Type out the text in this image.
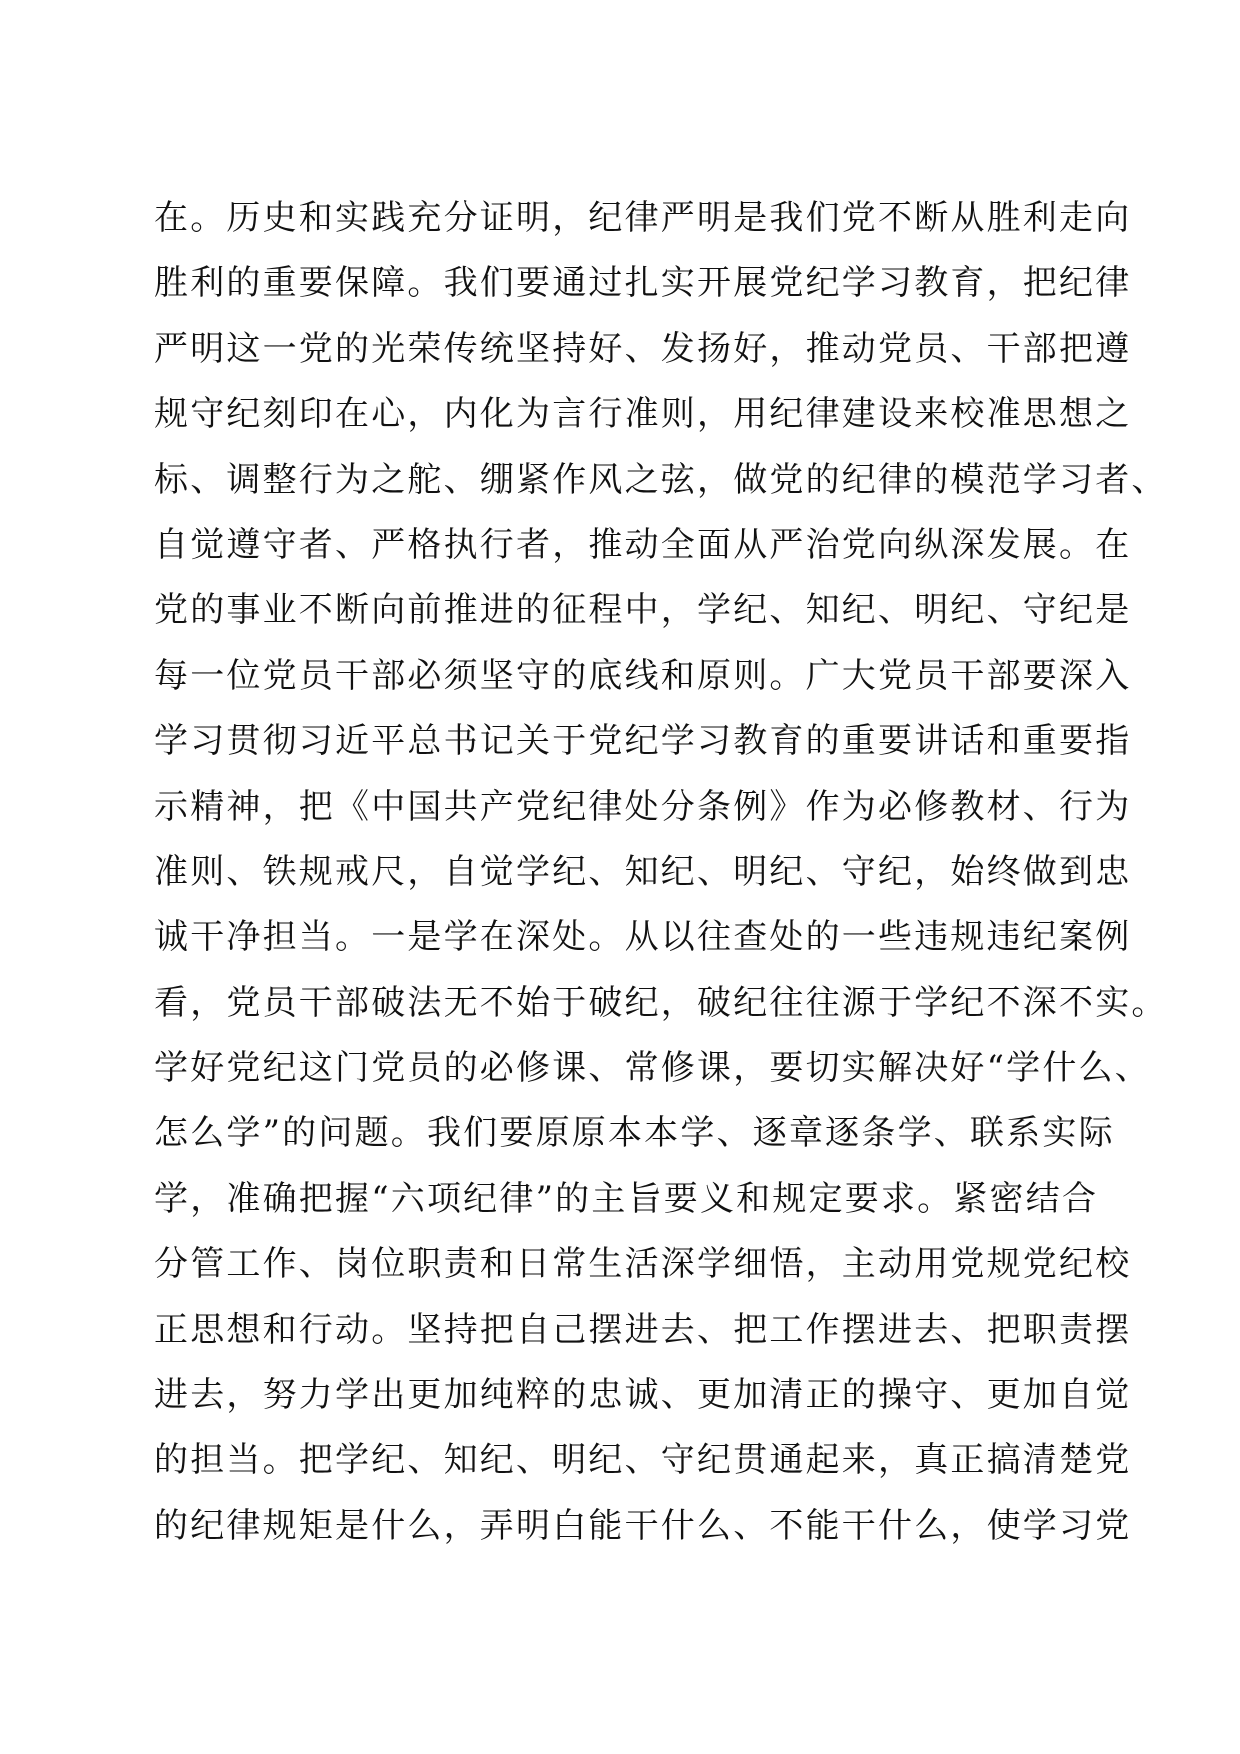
在。历史和实践充分证明，纪律严明是我们党不断从胜利走向
胜利的重要保障。我们要通过扎实开展党纪学习教育，把纪律
严明这一党的光荣传统坚持好、发扬好，推动党员、干部把遵
规守纪刻印在心，内化为言行准则，用纪律建设来校准思想之
标、调整行为之舵、绷紧作风之弦，做党的纪律的模范学习者、
自觉遵守者、严格执行者，推动全面从严治党向纵深发展。在
党的事业不断向前推进的征程中，学纪、知纪、明纪、守纪是
每一位党员干部必须坚守的底线和原则。广大党员干部要深入
学习贯彻习近平总书记关于党纪学习教育的重要讲话和重要指
示精神，把《中国共产党纪律处分条例》作为必修教材、行为
准则、铁规戒尺，自觉学纪、知纪、明纪、守纪，始终做到忠
诚干净担当。一是学在深处。从以往查处的一些违规违纪案例
看，党员干部破法无不始于破纪，破纪往往源于学纪不深不实。
学好党纪这门党员的必修课、常修课，要切实解决好“学什么、
怎么学”的问题。我们要原原本本学、逐章逐条学、联系实际
学，准确把握“六项纪律”的主旨要义和规定要求。紧密结合
分管工作、岗位职责和日常生活深学细悟，主动用党规党纪校
正思想和行动。坚持把自己摆进去、把工作摆进去、把职责摆
进去，努力学出更加纯粹的忠诚、更加清正的操守、更加自觉
的担当。把学纪、知纪、明纪、守纪贯通起来，真正搞清楚党
的纪律规矩是什么，弄明白能干什么、不能干什么，使学习党
